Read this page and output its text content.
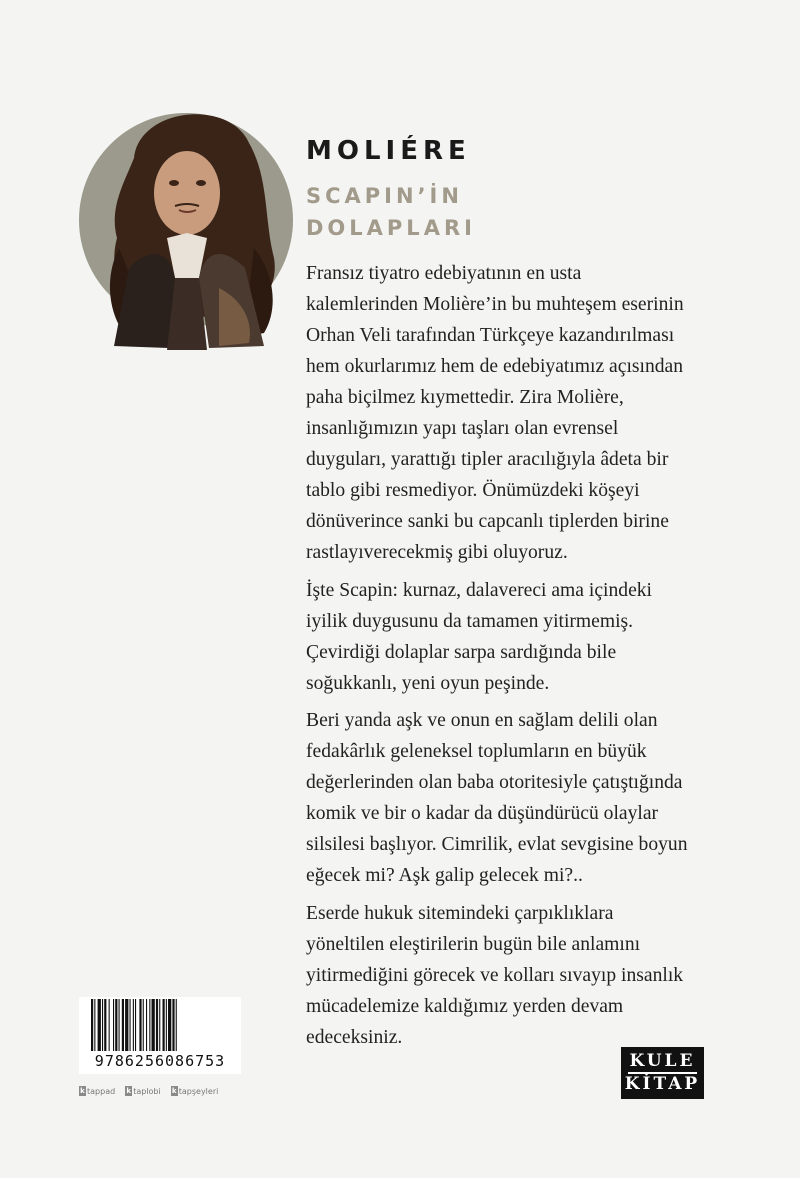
MOLIÉRE
SCAPIN’İN
DOLAPLARI

Fransız tiyatro edebiyatının en usta
kalemlerinden Molière’in bu muhteşem eserinin
Orhan Veli tarafından Türkçeye kazandırılması
hem okurlarımız hem de edebiyatımız açısından
paha biçilmez kıymettedir. Zira Molière,
insanlığımızın yapı taşları olan evrensel
duyguları, yarattığı tipler aracılığıyla âdeta bir
tablo gibi resmediyor. Önümüzdeki köşeyi
dönüverince sanki bu capcanlı tiplerden birine
rastlayıverecekmiş gibi oluyoruz.

İşte Scapin: kurnaz, dalavereci ama içindeki
iyilik duygusunu da tamamen yitirmemiş.
Çevirdiği dolaplar sarpa sardığında bile
soğukkanlı, yeni oyun peşinde.

Beri yanda aşk ve onun en sağlam delili olan
fedakârlık geleneksel toplumların en büyük
değerlerinden olan baba otoritesiyle çatıştığında
komik ve bir o kadar da düşündürücü olaylar
silsilesi başlıyor. Cimrilik, evlat sevgisine boyun
eğecek mi? Aşk galip gelecek mi?..

Eserde hukuk sitemindeki çarpıklıklara
yöneltilen eleştirilerin bugün bile anlamını
yitirmediğini görecek ve kolları sıvayıp insanlık
mücadelemize kaldığımız yerden devam
edeceksiniz.

9786256086753
k tappad k taplobi k tapşeyleri
KULE
KİTAP
